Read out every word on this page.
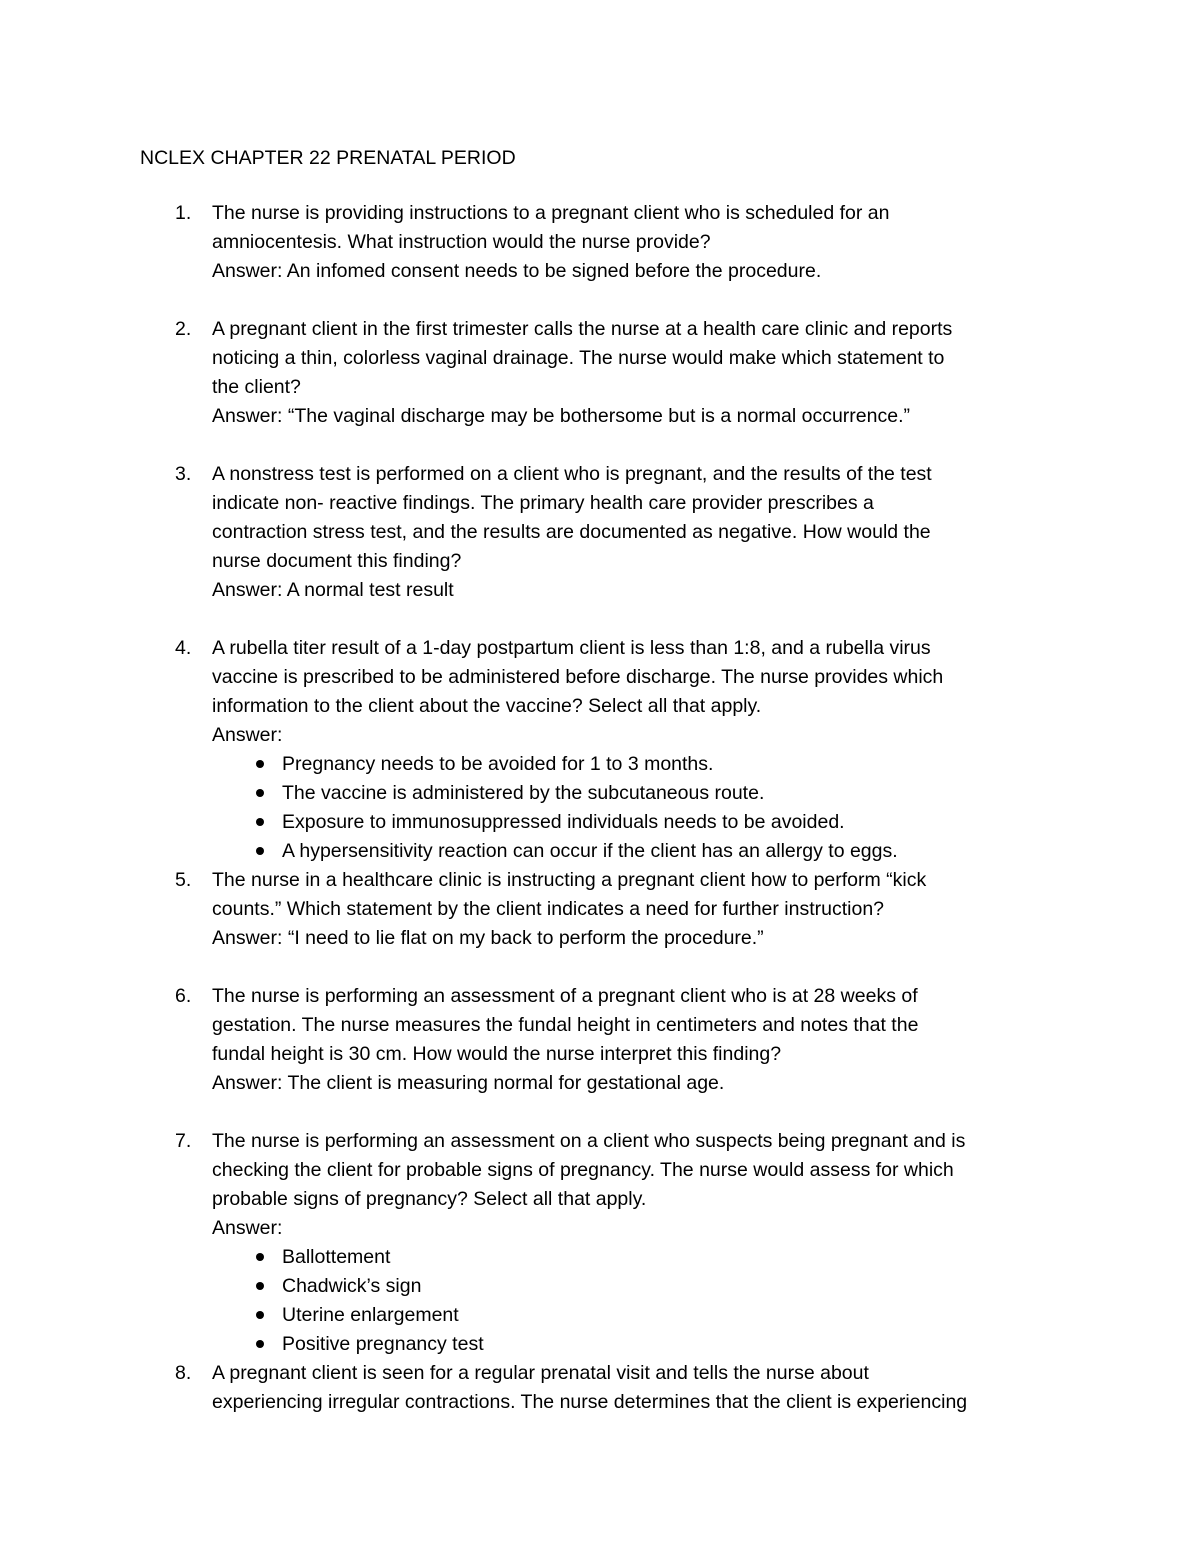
NCLEX CHAPTER 22 PRENATAL PERIOD
1. The nurse is providing instructions to a pregnant client who is scheduled for an
amniocentesis. What instruction would the nurse provide?
Answer: An infomed consent needs to be signed before the procedure.
2. A pregnant client in the first trimester calls the nurse at a health care clinic and reports
noticing a thin, colorless vaginal drainage. The nurse would make which statement to
the client?
Answer: “The vaginal discharge may be bothersome but is a normal occurrence.”
3. A nonstress test is performed on a client who is pregnant, and the results of the test
indicate non- reactive findings. The primary health care provider prescribes a
contraction stress test, and the results are documented as negative. How would the
nurse document this finding?
Answer: A normal test result
4. A rubella titer result of a 1-day postpartum client is less than 1:8, and a rubella virus
vaccine is prescribed to be administered before discharge. The nurse provides which
information to the client about the vaccine? Select all that apply.
Answer:
Pregnancy needs to be avoided for 1 to 3 months.
The vaccine is administered by the subcutaneous route.
Exposure to immunosuppressed individuals needs to be avoided.
A hypersensitivity reaction can occur if the client has an allergy to eggs.
5. The nurse in a healthcare clinic is instructing a pregnant client how to perform “kick
counts.” Which statement by the client indicates a need for further instruction?
Answer: “I need to lie flat on my back to perform the procedure.”
6. The nurse is performing an assessment of a pregnant client who is at 28 weeks of
gestation. The nurse measures the fundal height in centimeters and notes that the
fundal height is 30 cm. How would the nurse interpret this finding?
Answer: The client is measuring normal for gestational age.
7. The nurse is performing an assessment on a client who suspects being pregnant and is
checking the client for probable signs of pregnancy. The nurse would assess for which
probable signs of pregnancy? Select all that apply.
Answer:
Ballottement
Chadwick’s sign
Uterine enlargement
Positive pregnancy test
8. A pregnant client is seen for a regular prenatal visit and tells the nurse about
experiencing irregular contractions. The nurse determines that the client is experiencing
